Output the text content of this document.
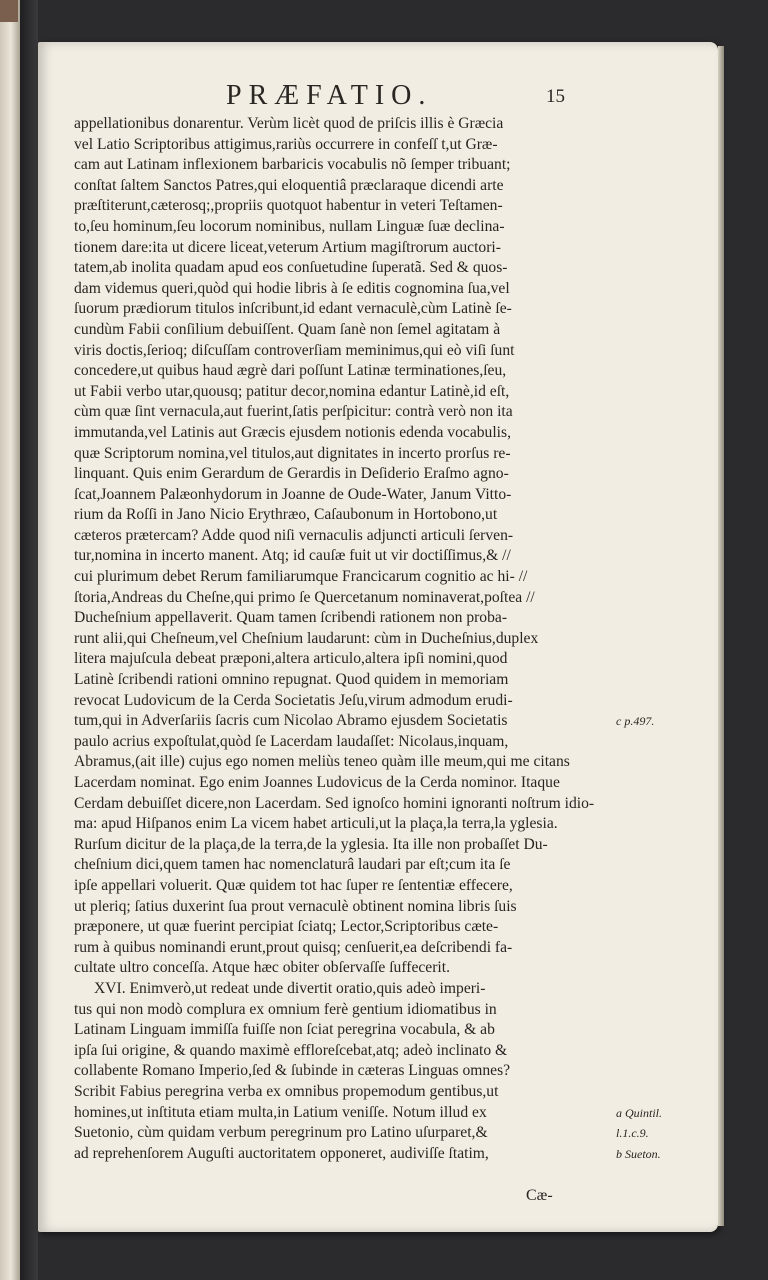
PRÆFATIO.	15
appellationibus donarentur. Verùm licèt quod de priſcis illis è Græcia
vel Latio Scriptoribus attigimus,rariùs occurrere in confeſſ t,ut Græ-
cam aut Latinam inflexionem barbaricis vocabulis nõ ſemper tribuant;
conſtat ſaltem Sanctos Patres,qui eloquentiâ præclaraque dicendi arte
præſtiterunt,cæterosq;,propriis quotquot habentur in veteri Teſtamen-
to,ſeu hominum,ſeu locorum nominibus, nullam Linguæ ſuæ declina-
tionem dare:ita ut dicere liceat,veterum Artium magiſtrorum auctori-
tatem,ab inolita quadam apud eos conſuetudine ſuperatã. Sed & quos-
dam videmus queri,quòd qui hodie libris à ſe editis cognomina ſua,vel
ſuorum prædiorum titulos inſcribunt,id edant vernaculè,cùm Latinè ſe-
cundùm Fabii conſilium debuiſſent. Quam ſanè non ſemel agitatam à
viris doctis,ſerioq; diſcuſſam controverſiam meminimus,qui eò viſi ſunt
concedere,ut quibus haud ægrè dari poſſunt Latinæ terminationes,ſeu,
ut Fabii verbo utar,quousq; patitur decor,nomina edantur Latinè,id eſt,
cùm quæ ſint vernacula,aut fuerint,ſatis perſpicitur: contrà verò non ita
immutanda,vel Latinis aut Græcis ejusdem notionis edenda vocabulis,
quæ Scriptorum nomina,vel titulos,aut dignitates in incerto prorſus re-
linquant. Quis enim Gerardum de Gerardis in Deſiderio Eraſmo agno-
ſcat,Joannem Palæonhydorum in Joanne de Oude-Water, Janum Vitto-
rium da Roſſi in Jano Nicio Erythræo, Caſaubonum in Hortobono,ut
cæteros prætercam? Adde quod niſi vernaculis adjuncti articuli ſerven-
tur,nomina in incerto manent. Atq; id cauſæ fuit ut vir doctiſſimus,& //
cui plurimum debet Rerum familiarumque Francicarum cognitio ac hi- //
ſtoria,Andreas du Cheſne,qui primo ſe Quercetanum nominaverat,poſtea //
Ducheſnium appellaverit. Quam tamen ſcribendi rationem non proba-
runt alii,qui Cheſneum,vel Cheſnium laudarunt: cùm in Ducheſnius,duplex
litera majuſcula debeat præponi,altera articulo,altera ipſi nomini,quod
Latinè ſcribendi rationi omnino repugnat. Quod quidem in memoriam
revocat Ludovicum de la Cerda Societatis Jeſu,virum admodum erudi-
tum,qui in Adverſariis ſacris cum Nicolao Abramo ejusdem Societatis
paulo acrius expoſtulat,quòd ſe Lacerdam laudaſſet: Nicolaus,inquam,
Abramus,(ait ille) cujus ego nomen meliùs teneo quàm ille meum,qui me citans
Lacerdam nominat. Ego enim Joannes Ludovicus de la Cerda nominor. Itaque
Cerdam debuiſſet dicere,non Lacerdam. Sed ignoſco homini ignoranti noſtrum idio-
ma: apud Hiſpanos enim La vicem habet articuli,ut la plaça,la terra,la yglesia.
Rurſum dicitur de la plaça,de la terra,de la yglesia. Ita ille non probaſſet Du-
cheſnium dici,quem tamen hac nomenclaturâ laudari par eſt;cum ita ſe
ipſe appellari voluerit. Quæ quidem tot hac ſuper re ſententiæ effecere,
ut pleriq; ſatius duxerint ſua prout vernaculè obtinent nomina libris ſuis
præponere, ut quæ fuerint percipiat ſciatq; Lector,Scriptoribus cæte-
rum à quibus nominandi erunt,prout quisq; cenſuerit,ea deſcribendi fa-
cultate ultro conceſſa. Atque hæc obiter obſervaſſe ſuffecerit.
XVI. Enimverò,ut redeat unde divertit oratio,quis adeò imperi-
tus qui non modò complura ex omnium ferè gentium idiomatibus in
Latinam Linguam immiſſa fuiſſe non ſciat peregrina vocabula, & ab
ipſa ſui origine, & quando maximè effloreſcebat,atq; adeò inclinato &
collabente Romano Imperio,ſed & ſubinde in cæteras Linguas omnes?
Scribit Fabius peregrina verba ex omnibus propemodum gentibus,ut
homines,ut inſtituta etiam multa,in Latium veniſſe. Notum illud ex
Suetonio, cùm quidam verbum peregrinum pro Latino uſurparet,&
ad reprehenſorem Auguſti auctoritatem opponeret, audiviſſe ſtatim,
c p.497.
a Quintil.
l.1.c.9.
b Sueton.
Cæ-
